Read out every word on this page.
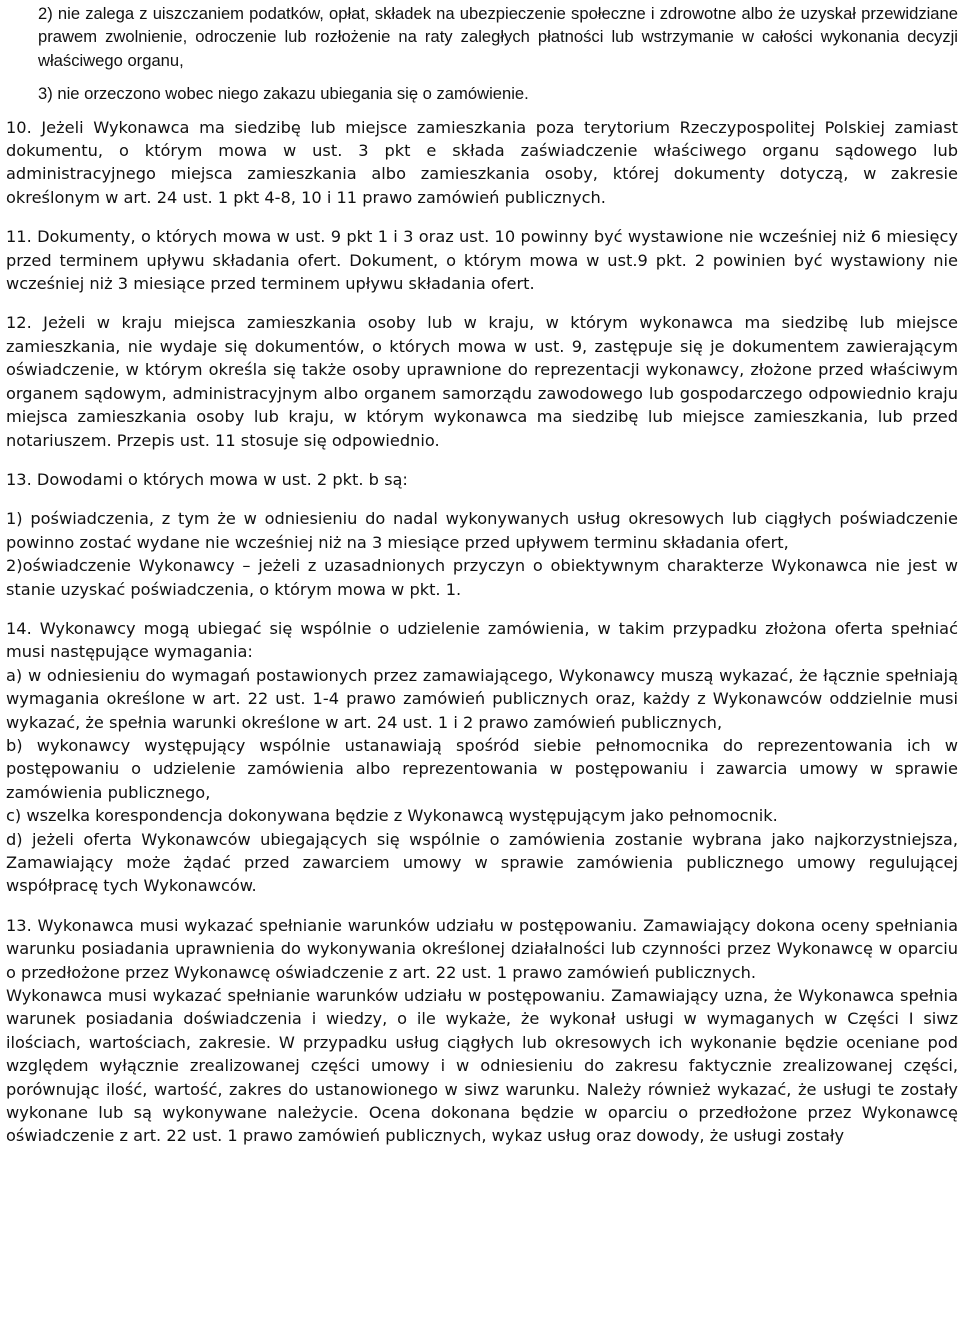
2) nie zalega z uiszczaniem podatków, opłat, składek na ubezpieczenie społeczne i zdrowotne albo że uzyskał przewidziane prawem zwolnienie, odroczenie lub rozłożenie na raty zaległych płatności lub wstrzymanie w całości wykonania decyzji właściwego organu,

3) nie orzeczono wobec niego zakazu ubiegania się o zamówienie.

10. Jeżeli Wykonawca ma siedzibę lub miejsce zamieszkania poza terytorium Rzeczypospolitej Polskiej zamiast dokumentu, o którym mowa w ust. 3 pkt e składa zaświadczenie właściwego organu sądowego lub administracyjnego miejsca zamieszkania albo zamieszkania osoby, której dokumenty dotyczą, w zakresie określonym w art. 24 ust. 1 pkt 4-8, 10 i 11 prawo zamówień publicznych.

11. Dokumenty, o których mowa w ust. 9 pkt 1 i 3 oraz ust. 10 powinny być wystawione nie wcześniej niż 6 miesięcy przed terminem upływu składania ofert. Dokument, o którym mowa w ust.9 pkt. 2 powinien być wystawiony nie wcześniej niż 3 miesiące przed terminem upływu składania ofert.

12. Jeżeli w kraju miejsca zamieszkania osoby lub w kraju, w którym wykonawca ma siedzibę lub miejsce zamieszkania, nie wydaje się dokumentów, o których mowa w ust. 9, zastępuje się je dokumentem zawierającym oświadczenie, w którym określa się także osoby uprawnione do reprezentacji wykonawcy, złożone przed właściwym organem sądowym, administracyjnym albo organem samorządu zawodowego lub gospodarczego odpowiednio kraju miejsca zamieszkania osoby lub kraju, w którym wykonawca ma siedzibę lub miejsce zamieszkania, lub przed notariuszem. Przepis ust. 11 stosuje się odpowiednio.

13. Dowodami o których mowa w ust. 2 pkt. b są:

1) poświadczenia, z tym że w odniesieniu do nadal wykonywanych usług okresowych lub ciągłych poświadczenie powinno zostać wydane nie wcześniej niż na 3 miesiące przed upływem terminu składania ofert,

2)oświadczenie Wykonawcy – jeżeli z uzasadnionych przyczyn o obiektywnym charakterze Wykonawca nie jest w stanie uzyskać poświadczenia, o którym mowa w pkt. 1.

14. Wykonawcy mogą ubiegać się wspólnie o udzielenie zamówienia, w takim przypadku złożona oferta spełniać musi następujące wymagania:

a) w odniesieniu do wymagań postawionych przez zamawiającego, Wykonawcy muszą wykazać, że łącznie spełniają wymagania określone w art. 22 ust. 1-4 prawo zamówień publicznych oraz, każdy z Wykonawców oddzielnie musi wykazać, że spełnia warunki określone w art. 24 ust. 1 i 2 prawo zamówień publicznych,

b) wykonawcy występujący wspólnie ustanawiają spośród siebie pełnomocnika do reprezentowania ich w postępowaniu o udzielenie zamówienia albo reprezentowania w postępowaniu i zawarcia umowy w sprawie zamówienia publicznego,

c) wszelka korespondencja dokonywana będzie z Wykonawcą występującym jako pełnomocnik.

d) jeżeli oferta Wykonawców ubiegających się wspólnie o zamówienia zostanie wybrana jako najkorzystniejsza, Zamawiający może żądać przed zawarciem umowy w sprawie zamówienia publicznego umowy regulującej współpracę tych Wykonawców.

13. Wykonawca musi wykazać spełnianie warunków udziału w postępowaniu. Zamawiający dokona oceny spełniania warunku posiadania uprawnienia do wykonywania określonej działalności lub czynności przez Wykonawcę w oparciu o przedłożone przez Wykonawcę oświadczenie z art. 22 ust. 1 prawo zamówień publicznych.

Wykonawca musi wykazać spełnianie warunków udziału w postępowaniu. Zamawiający uzna, że Wykonawca spełnia warunek posiadania doświadczenia i wiedzy, o ile wykaże, że wykonał usługi w wymaganych w Części I siwz ilościach, wartościach, zakresie. W przypadku usług ciągłych lub okresowych ich wykonanie będzie oceniane pod względem wyłącznie zrealizowanej części umowy i w odniesieniu do zakresu faktycznie zrealizowanej części, porównując ilość, wartość, zakres do ustanowionego w siwz warunku. Należy również wykazać, że usługi te zostały wykonane lub są wykonywane należycie. Ocena dokonana będzie w oparciu o przedłożone przez Wykonawcę oświadczenie z art. 22 ust. 1 prawo zamówień publicznych, wykaz usług oraz dowody, że usługi zostały
